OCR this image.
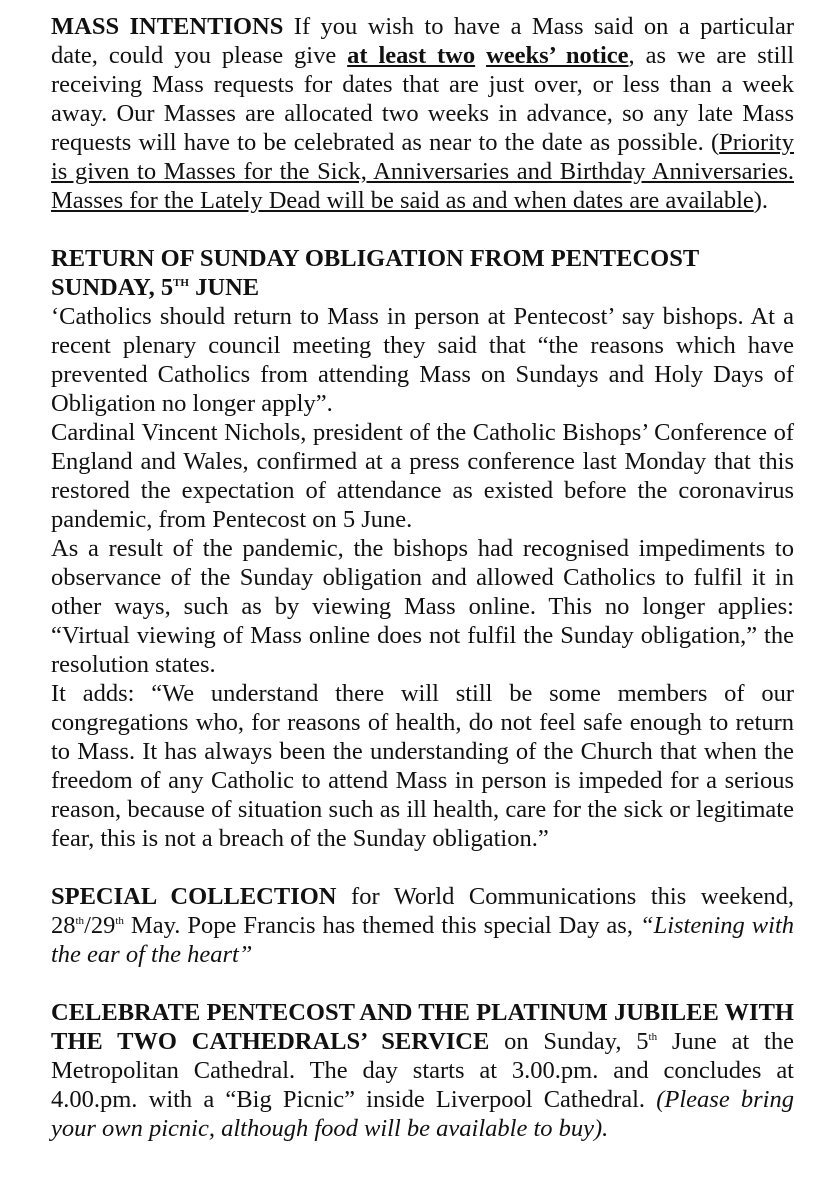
MASS INTENTIONS If you wish to have a Mass said on a particular date, could you please give at least two weeks’ notice, as we are still receiving Mass requests for dates that are just over, or less than a week away. Our Masses are allocated two weeks in advance, so any late Mass requests will have to be celebrated as near to the date as possible. (Priority is given to Masses for the Sick, Anniversaries and Birthday Anniversaries. Masses for the Lately Dead will be said as and when dates are available).

RETURN OF SUNDAY OBLIGATION FROM PENTECOST SUNDAY, 5TH JUNE

‘Catholics should return to Mass in person at Pentecost’ say bishops. At a recent plenary council meeting they said that “the reasons which have prevented Catholics from attending Mass on Sundays and Holy Days of Obligation no longer apply”.

Cardinal Vincent Nichols, president of the Catholic Bishops’ Conference of England and Wales, confirmed at a press conference last Monday that this restored the expectation of attendance as existed before the coronavirus pandemic, from Pentecost on 5 June.

As a result of the pandemic, the bishops had recognised impediments to observance of the Sunday obligation and allowed Catholics to fulfil it in other ways, such as by viewing Mass online. This no longer applies: “Virtual viewing of Mass online does not fulfil the Sunday obligation,” the resolution states.

It adds: “We understand there will still be some members of our congregations who, for reasons of health, do not feel safe enough to return to Mass. It has always been the understanding of the Church that when the freedom of any Catholic to attend Mass in person is impeded for a serious reason, because of situation such as ill health, care for the sick or legitimate fear, this is not a breach of the Sunday obligation.”

SPECIAL COLLECTION for World Communications this weekend, 28th/29th May. Pope Francis has themed this special Day as, “Listening with the ear of the heart”

CELEBRATE PENTECOST AND THE PLATINUM JUBILEE WITH THE TWO CATHEDRALS’ SERVICE on Sunday, 5th June at the Metropolitan Cathedral. The day starts at 3.00.pm. and concludes at 4.00.pm. with a “Big Picnic” inside Liverpool Cathedral. (Please bring your own picnic, although food will be available to buy).
